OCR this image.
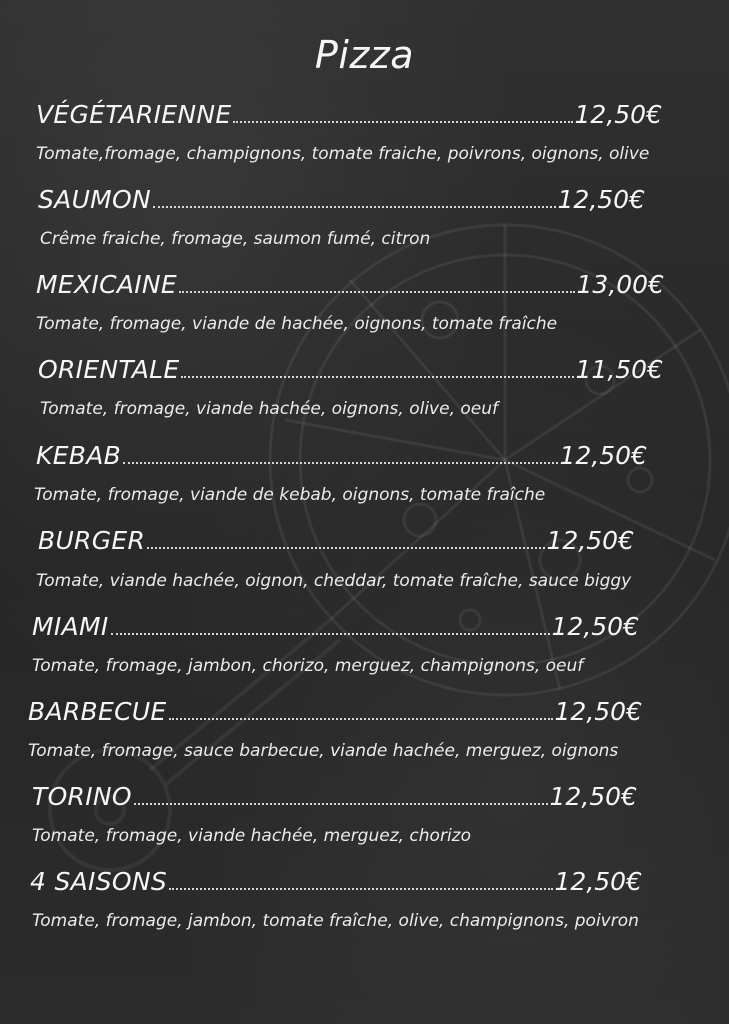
Pizza
VÉGÉTARIENNE	12,50€
Tomate,fromage, champignons, tomate fraiche, poivrons, oignons, olive
SAUMON	12,50€
Crême fraiche, fromage, saumon fumé, citron
MEXICAINE	13,00€
Tomate, fromage, viande de hachée, oignons, tomate fraîche
ORIENTALE	11,50€
Tomate, fromage, viande hachée, oignons, olive, oeuf
KEBAB	12,50€
Tomate, fromage, viande de kebab, oignons, tomate fraîche
BURGER	12,50€
Tomate, viande hachée, oignon, cheddar, tomate fraîche, sauce biggy
MIAMI	12,50€
Tomate, fromage, jambon, chorizo, merguez, champignons, oeuf
BARBECUE	12,50€
Tomate, fromage, sauce barbecue, viande hachée, merguez, oignons
TORINO	12,50€
Tomate, fromage, viande hachée, merguez, chorizo
4 SAISONS	12,50€
Tomate, fromage, jambon, tomate fraîche, olive, champignons, poivron
